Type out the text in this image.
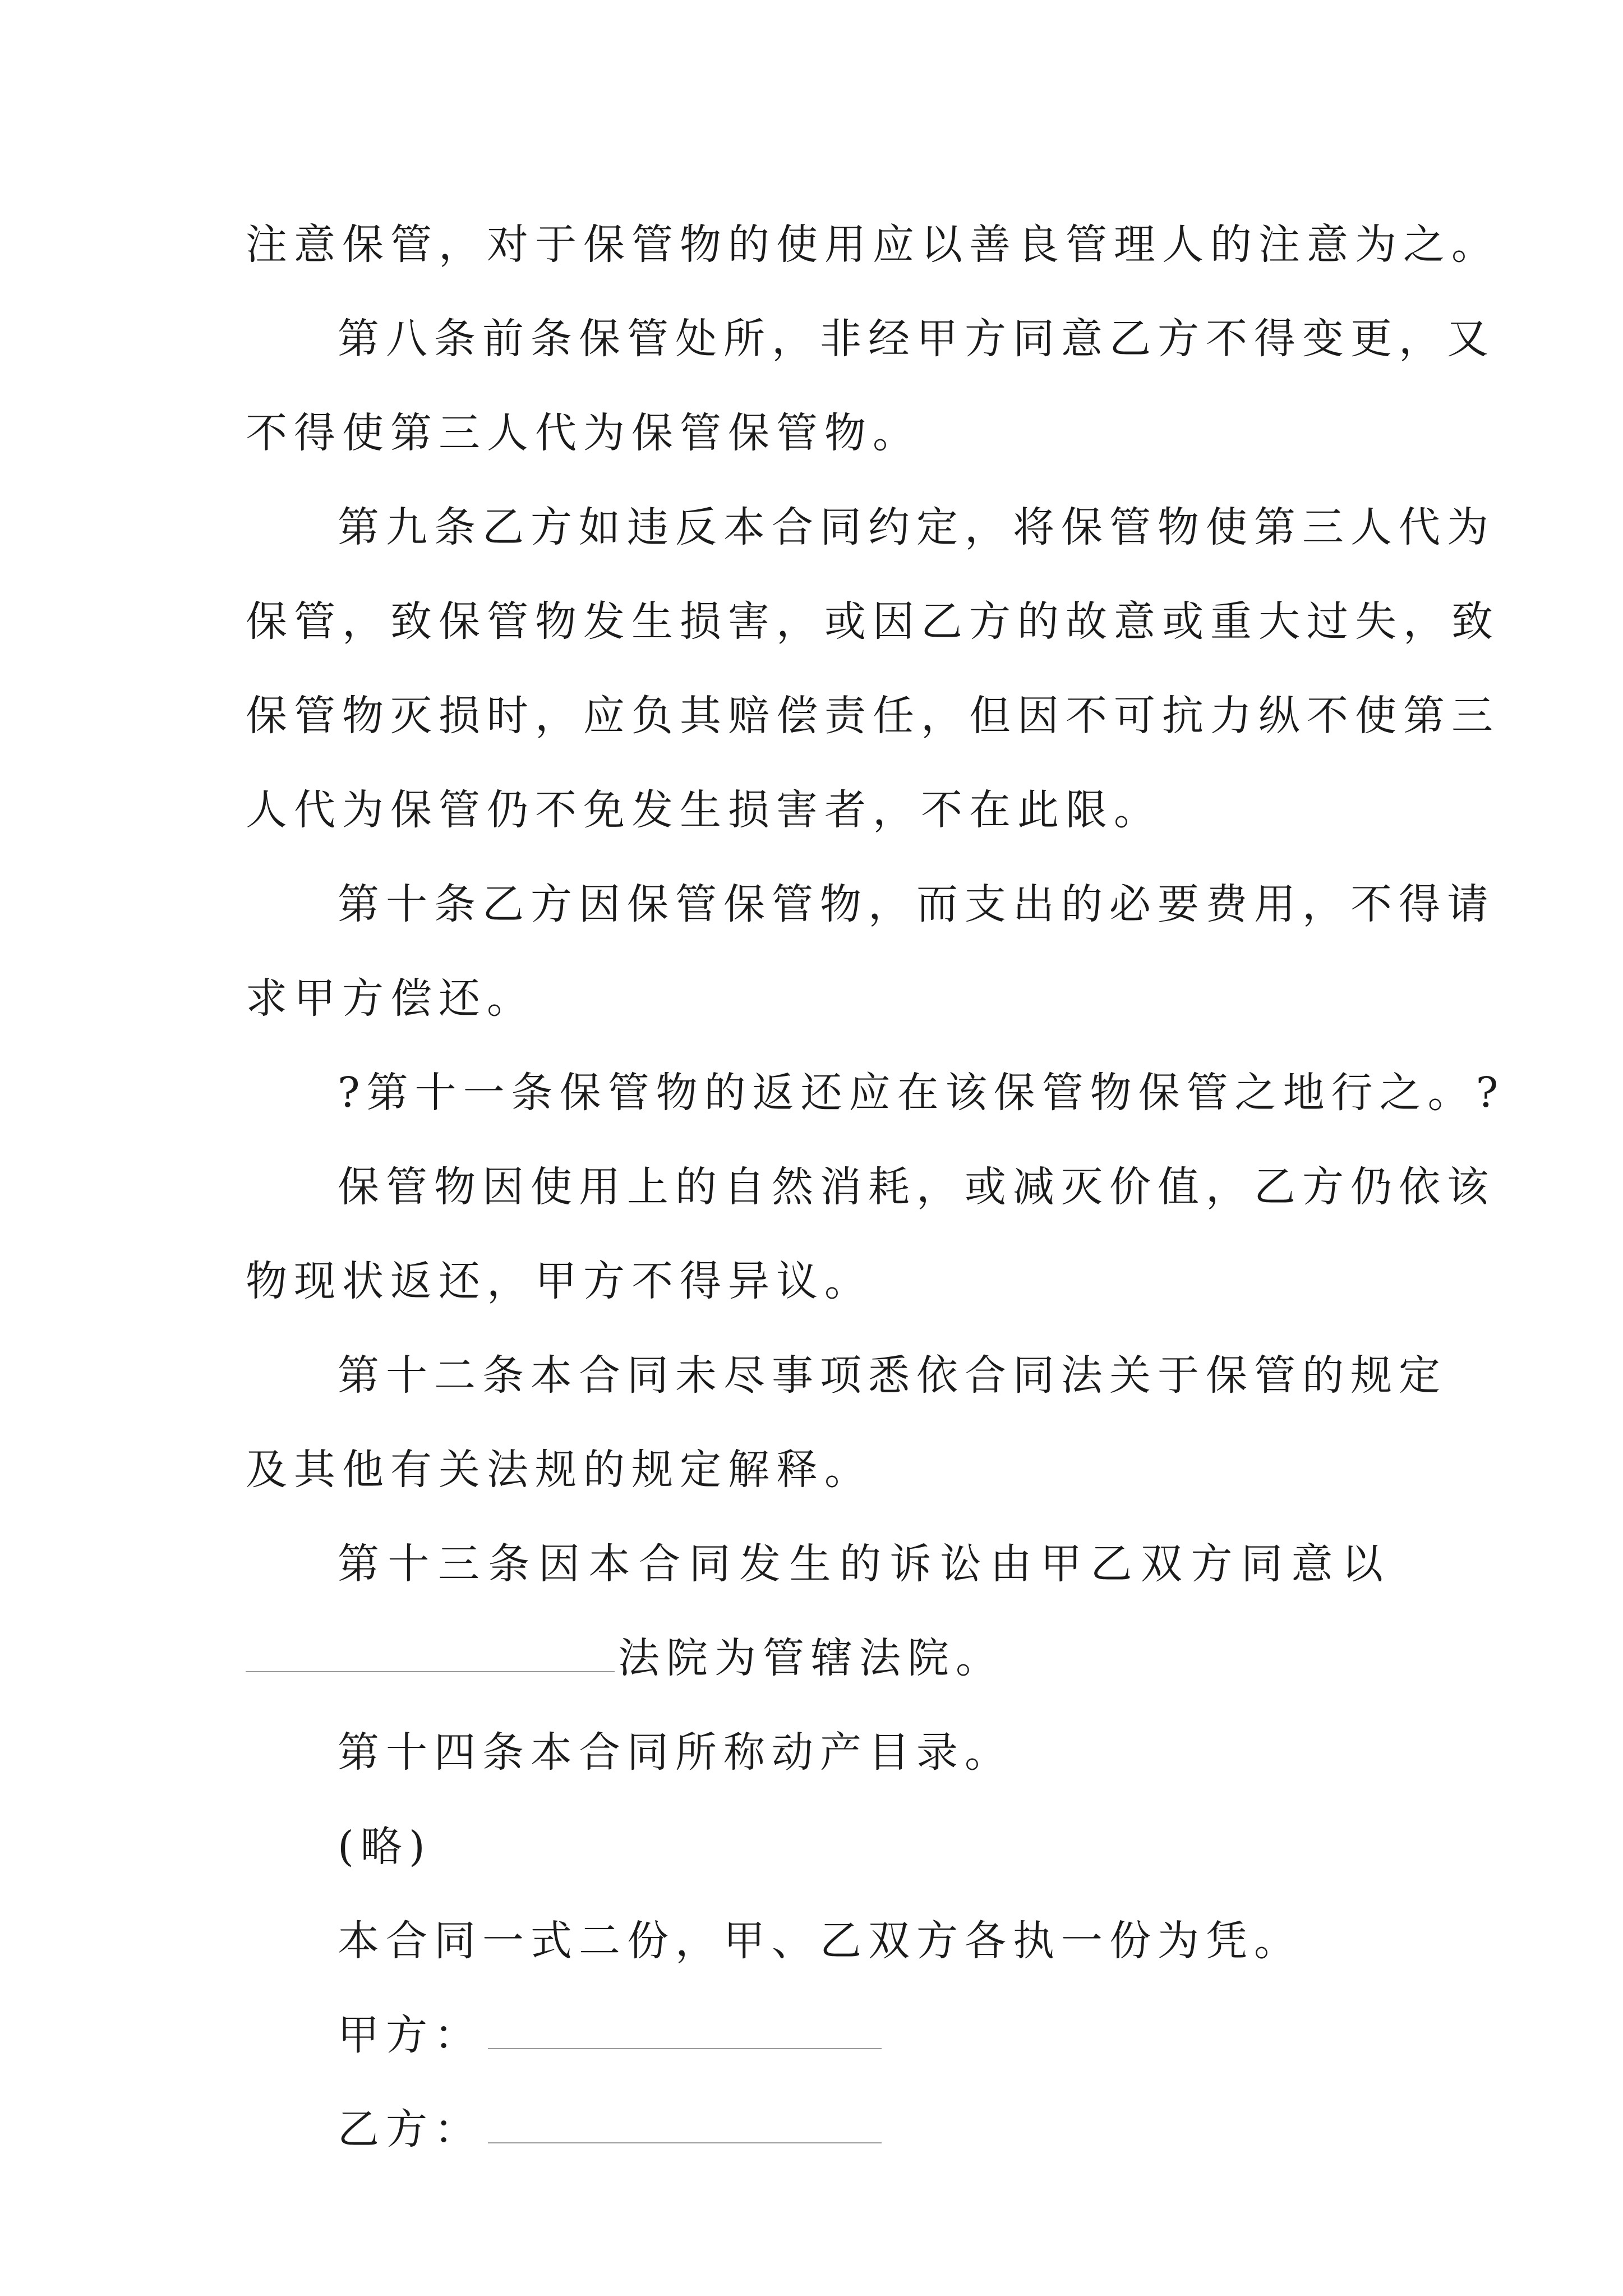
注意保管，对于保管物的使用应以善良管理人的注意为之。
第八条前条保管处所，非经甲方同意乙方不得变更，又
不得使第三人代为保管保管物。
第九条乙方如违反本合同约定，将保管物使第三人代为
保管，致保管物发生损害，或因乙方的故意或重大过失，致
保管物灭损时，应负其赔偿责任，但因不可抗力纵不使第三
人代为保管仍不免发生损害者，不在此限。
第十条乙方因保管保管物，而支出的必要费用，不得请
求甲方偿还。
?第十一条保管物的返还应在该保管物保管之地行之。?
保管物因使用上的自然消耗，或减灭价值，乙方仍依该
物现状返还，甲方不得异议。
第十二条本合同未尽事项悉依合同法关于保管的规定
及其他有关法规的规定解释。
第十三条因本合同发生的诉讼由甲乙双方同意以
法院为管辖法院。
第十四条本合同所称动产目录。
(略)
本合同一式二份，甲、乙双方各执一份为凭。
甲方：
乙方：
